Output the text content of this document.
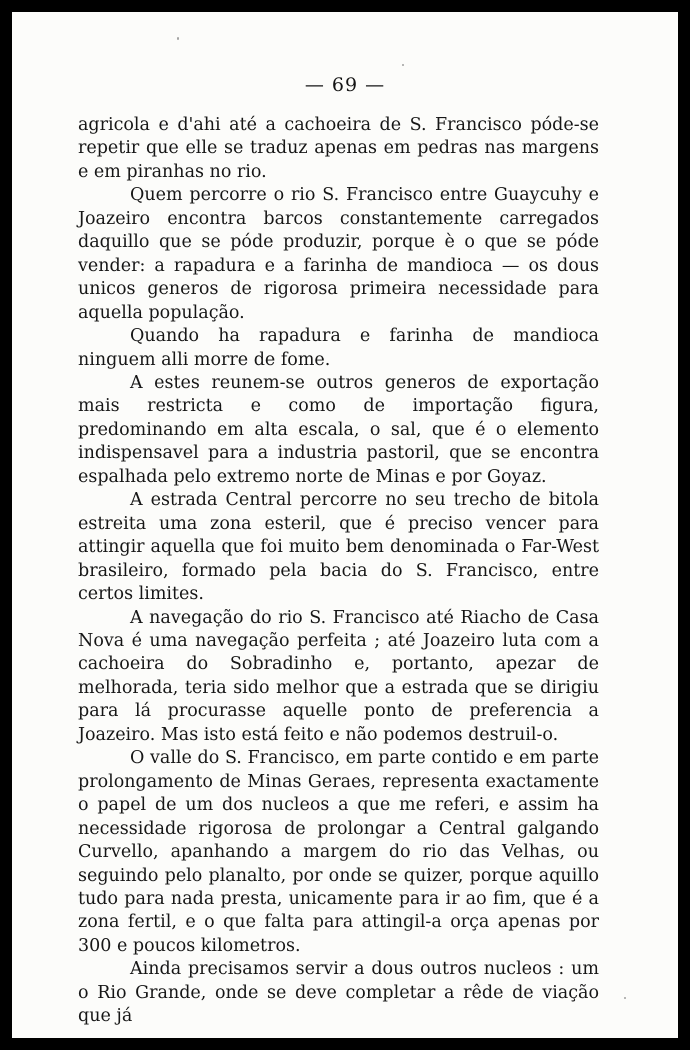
— 69 —

agricola e d'ahi até a cachoeira de S. Francisco póde-se repetir que elle se traduz apenas em pedras nas margens e em piranhas no rio.

Quem percorre o rio S. Francisco entre Guaycuhy e Joazeiro encontra barcos constantemente carregados daquillo que se póde produzir, porque è o que se póde vender: a rapadura e a farinha de mandioca — os dous unicos generos de rigorosa primeira necessidade para aquella população.

Quando ha rapadura e farinha de mandioca ninguem alli morre de fome.

A estes reunem-se outros generos de exportação mais restricta e como de importação figura, predominando em alta escala, o sal, que é o elemento indispensavel para a industria pastoril, que se encontra espalhada pelo extremo norte de Minas e por Goyaz.

A estrada Central percorre no seu trecho de bitola estreita uma zona esteril, que é preciso vencer para attingir aquella que foi muito bem denominada o Far-West brasileiro, formado pela bacia do S. Francisco, entre certos limites.

A navegação do rio S. Francisco até Riacho de Casa Nova é uma navegação perfeita ; até Joazeiro luta com a cachoeira do Sobradinho e, portanto, apezar de melhorada, teria sido melhor que a estrada que se dirigiu para lá procurasse aquelle ponto de preferencia a Joazeiro. Mas isto está feito e não podemos destruil-o.

O valle do S. Francisco, em parte contido e em parte prolongamento de Minas Geraes, representa exactamente o papel de um dos nucleos a que me referi, e assim ha necessidade rigorosa de prolongar a Central galgando Curvello, apanhando a margem do rio das Velhas, ou seguindo pelo planalto, por onde se quizer, porque aquillo tudo para nada presta, unicamente para ir ao fim, que é a zona fertil, e o que falta para attingil-a orça apenas por 300 e poucos kilometros.

Ainda precisamos servir a dous outros nucleos : um o Rio Grande, onde se deve completar a rêde de viação que já
